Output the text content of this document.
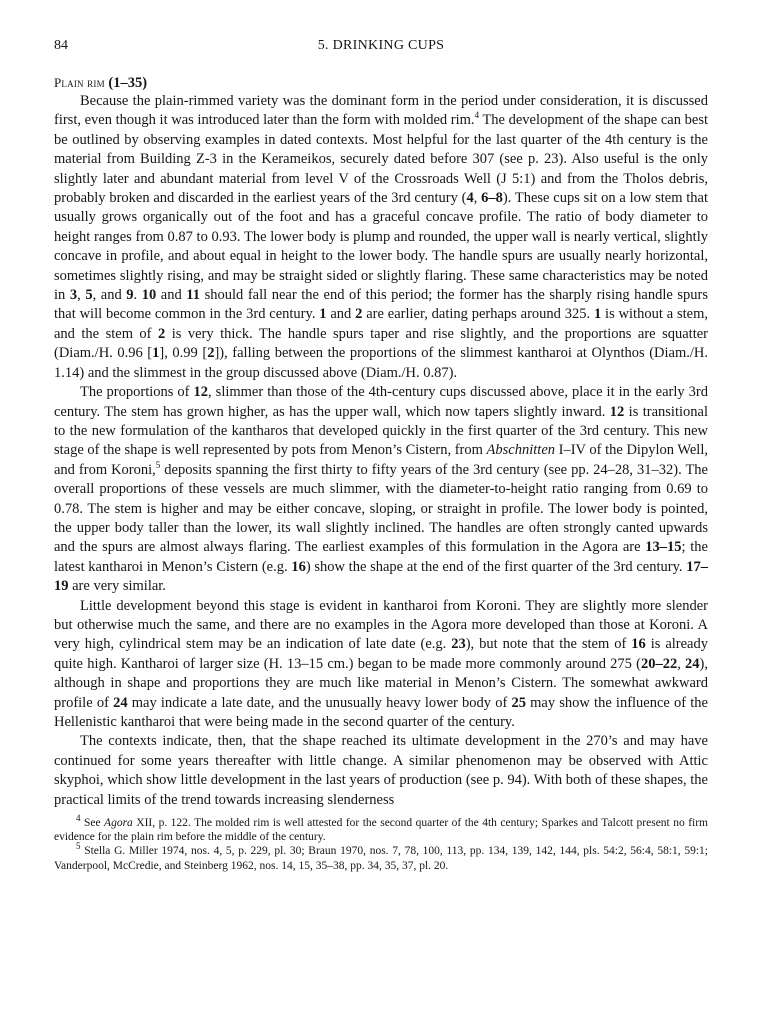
84	5. DRINKING CUPS
Plain rim (1–35)

Because the plain-rimmed variety was the dominant form in the period under consideration, it is discussed first, even though it was introduced later than the form with molded rim.$^4$ The development of the shape can best be outlined by observing examples in dated contexts. Most helpful for the last quarter of the 4th century is the material from Building Z-3 in the Kerameikos, securely dated before 307 (see p. 23). Also useful is the only slightly later and abundant material from level V of the Crossroads Well (J 5:1) and from the Tholos debris, probably broken and discarded in the earliest years of the 3rd century (4, 6–8). These cups sit on a low stem that usually grows organically out of the foot and has a graceful concave profile. The ratio of body diameter to height ranges from 0.87 to 0.93. The lower body is plump and rounded, the upper wall is nearly vertical, slightly concave in profile, and about equal in height to the lower body. The handle spurs are usually nearly horizontal, sometimes slightly rising, and may be straight sided or slightly flaring. These same characteristics may be noted in 3, 5, and 9. 10 and 11 should fall near the end of this period; the former has the sharply rising handle spurs that will become common in the 3rd century. 1 and 2 are earlier, dating perhaps around 325. 1 is without a stem, and the stem of 2 is very thick. The handle spurs taper and rise slightly, and the proportions are squatter (Diam./H. 0.96 [1], 0.99 [2]), falling between the proportions of the slimmest kantharoi at Olynthos (Diam./H. 1.14) and the slimmest in the group discussed above (Diam./H. 0.87).

The proportions of 12, slimmer than those of the 4th-century cups discussed above, place it in the early 3rd century. The stem has grown higher, as has the upper wall, which now tapers slightly inward. 12 is transitional to the new formulation of the kantharos that developed quickly in the first quarter of the 3rd century. This new stage of the shape is well represented by pots from Menon’s Cistern, from Abschnitten I–IV of the Dipylon Well, and from Koroni,$^5$ deposits spanning the first thirty to fifty years of the 3rd century (see pp. 24–28, 31–32). The overall proportions of these vessels are much slimmer, with the diameter-to-height ratio ranging from 0.69 to 0.78. The stem is higher and may be either concave, sloping, or straight in profile. The lower body is pointed, the upper body taller than the lower, its wall slightly inclined. The handles are often strongly canted upwards and the spurs are almost always flaring. The earliest examples of this formulation in the Agora are 13–15; the latest kantharoi in Menon’s Cistern (e.g. 16) show the shape at the end of the first quarter of the 3rd century. 17–19 are very similar.

Little development beyond this stage is evident in kantharoi from Koroni. They are slightly more slender but otherwise much the same, and there are no examples in the Agora more developed than those at Koroni. A very high, cylindrical stem may be an indication of late date (e.g. 23), but note that the stem of 16 is already quite high. Kantharoi of larger size (H. 13–15 cm.) began to be made more commonly around 275 (20–22, 24), although in shape and proportions they are much like material in Menon’s Cistern. The somewhat awkward profile of 24 may indicate a late date, and the unusually heavy lower body of 25 may show the influence of the Hellenistic kantharoi that were being made in the second quarter of the century.

The contexts indicate, then, that the shape reached its ultimate development in the 270’s and may have continued for some years thereafter with little change. A similar phenomenon may be observed with Attic skyphoi, which show little development in the last years of production (see p. 94). With both of these shapes, the practical limits of the trend towards increasing slenderness

$^4$ See Agora XII, p. 122. The molded rim is well attested for the second quarter of the 4th century; Sparkes and Talcott present no firm evidence for the plain rim before the middle of the century.

$^5$ Stella G. Miller 1974, nos. 4, 5, p. 229, pl. 30; Braun 1970, nos. 7, 78, 100, 113, pp. 134, 139, 142, 144, pls. 54:2, 56:4, 58:1, 59:1; Vanderpool, McCredie, and Steinberg 1962, nos. 14, 15, 35–38, pp. 34, 35, 37, pl. 20.
